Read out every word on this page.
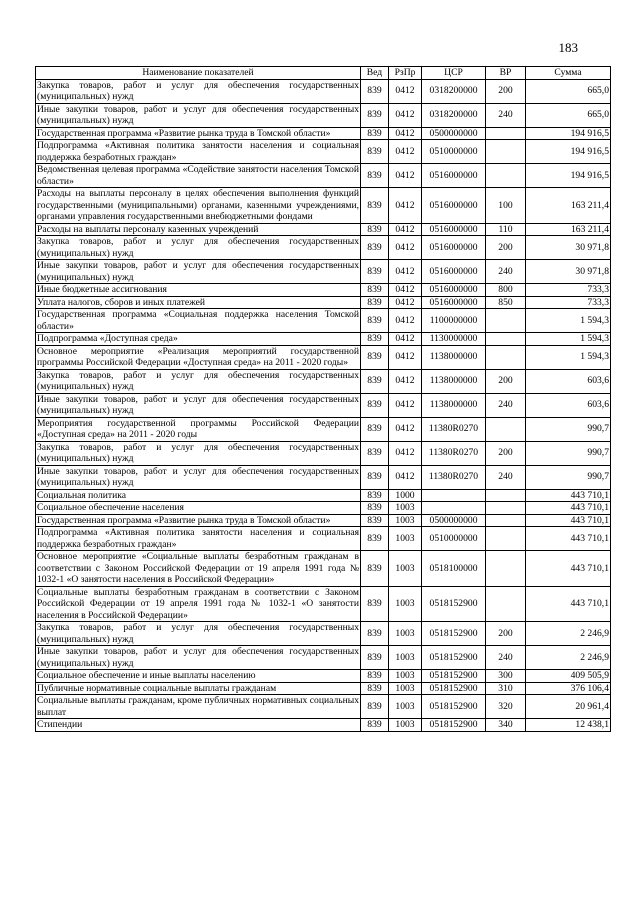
183
Наименование показателей	Вед	РзПр	ЦСР	ВР	Сумма
Закупка товаров, работ и услуг для обеспечения государственных (муниципальных) нужд	839	0412	0318200000	200	665,0
Иные закупки товаров, работ и услуг для обеспечения государственных (муниципальных) нужд	839	0412	0318200000	240	665,0
Государственная программа «Развитие рынка труда в Томской области»	839	0412	0500000000		194 916,5
Подпрограмма «Активная политика занятости населения и социальная поддержка безработных граждан»	839	0412	0510000000		194 916,5
Ведомственная целевая программа «Содействие занятости населения Томской области»	839	0412	0516000000		194 916,5
Расходы на выплаты персоналу в целях обеспечения выполнения функций государственными (муниципальными) органами, казенными учреждениями, органами управления государственными внебюджетными фондами	839	0412	0516000000	100	163 211,4
Расходы на выплаты персоналу казенных учреждений	839	0412	0516000000	110	163 211,4
Закупка товаров, работ и услуг для обеспечения государственных (муниципальных) нужд	839	0412	0516000000	200	30 971,8
Иные закупки товаров, работ и услуг для обеспечения государственных (муниципальных) нужд	839	0412	0516000000	240	30 971,8
Иные бюджетные ассигнования	839	0412	0516000000	800	733,3
Уплата налогов, сборов и иных платежей	839	0412	0516000000	850	733,3
Государственная программа «Социальная поддержка населения Томской области»	839	0412	1100000000		1 594,3
Подпрограмма «Доступная среда»	839	0412	1130000000		1 594,3
Основное мероприятие «Реализация мероприятий государственной программы Российской Федерации «Доступная среда» на 2011 - 2020 годы»	839	0412	1138000000		1 594,3
Закупка товаров, работ и услуг для обеспечения государственных (муниципальных) нужд	839	0412	1138000000	200	603,6
Иные закупки товаров, работ и услуг для обеспечения государственных (муниципальных) нужд	839	0412	1138000000	240	603,6
Мероприятия государственной программы Российской Федерации «Доступная среда» на 2011 - 2020 годы	839	0412	11380R0270		990,7
Закупка товаров, работ и услуг для обеспечения государственных (муниципальных) нужд	839	0412	11380R0270	200	990,7
Иные закупки товаров, работ и услуг для обеспечения государственных (муниципальных) нужд	839	0412	11380R0270	240	990,7
Социальная политика	839	1000			443 710,1
Социальное обеспечение населения	839	1003			443 710,1
Государственная программа «Развитие рынка труда в Томской области»	839	1003	0500000000		443 710,1
Подпрограмма «Активная политика занятости населения и социальная поддержка безработных граждан»	839	1003	0510000000		443 710,1
Основное мероприятие «Социальные выплаты безработным гражданам в соответствии с Законом Российской Федерации от 19 апреля 1991 года № 1032-1 «О занятости населения в Российской Федерации»	839	1003	0518100000		443 710,1
Социальные выплаты безработным гражданам в соответствии с Законом Российской Федерации от 19 апреля 1991 года № 1032-1 «О занятости населения в Российской Федерации»	839	1003	0518152900		443 710,1
Закупка товаров, работ и услуг для обеспечения государственных (муниципальных) нужд	839	1003	0518152900	200	2 246,9
Иные закупки товаров, работ и услуг для обеспечения государственных (муниципальных) нужд	839	1003	0518152900	240	2 246,9
Социальное обеспечение и иные выплаты населению	839	1003	0518152900	300	409 505,9
Публичные нормативные социальные выплаты гражданам	839	1003	0518152900	310	376 106,4
Социальные выплаты гражданам, кроме публичных нормативных социальных выплат	839	1003	0518152900	320	20 961,4
Стипендии	839	1003	0518152900	340	12 438,1
